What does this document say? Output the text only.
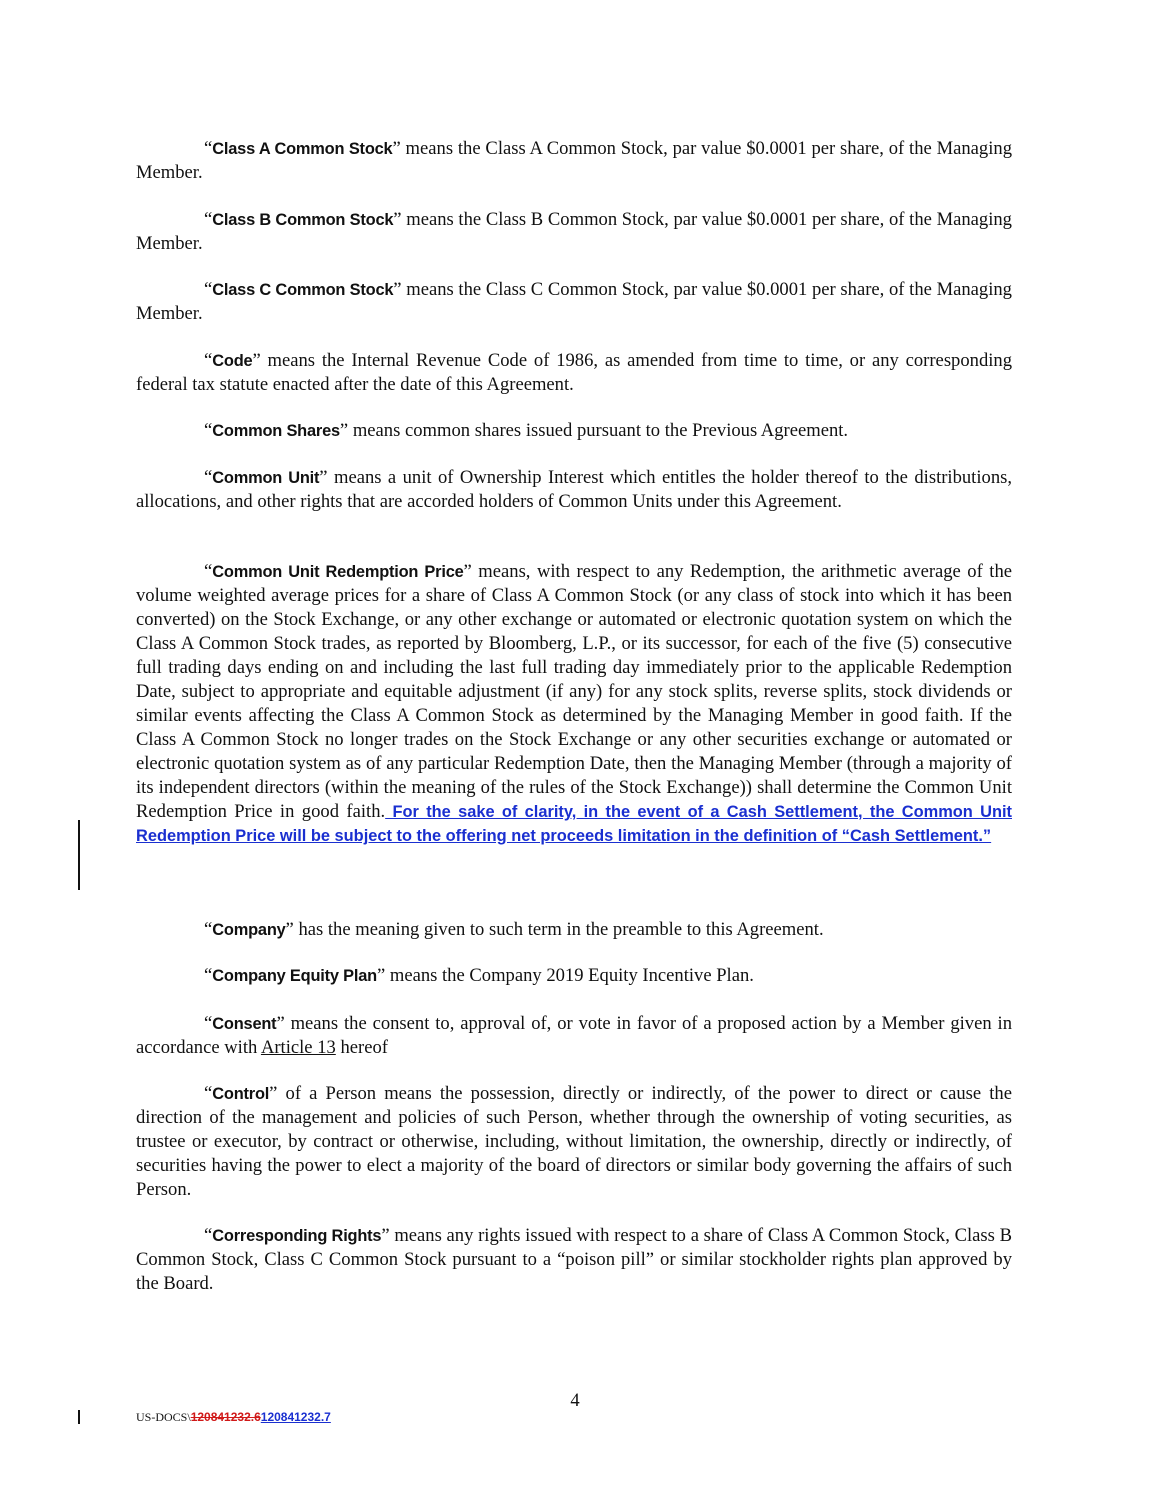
“Class A Common Stock” means the Class A Common Stock, par value $0.0001 per share, of the Managing Member.

“Class B Common Stock” means the Class B Common Stock, par value $0.0001 per share, of the Managing Member.

“Class C Common Stock” means the Class C Common Stock, par value $0.0001 per share, of the Managing Member.

“Code” means the Internal Revenue Code of 1986, as amended from time to time, or any corresponding federal tax statute enacted after the date of this Agreement.

“Common Shares” means common shares issued pursuant to the Previous Agreement.

“Common Unit” means a unit of Ownership Interest which entitles the holder thereof to the distributions, allocations, and other rights that are accorded holders of Common Units under this Agreement.

“Common Unit Redemption Price” means, with respect to any Redemption, the arithmetic average of the volume weighted average prices for a share of Class A Common Stock (or any class of stock into which it has been converted) on the Stock Exchange, or any other exchange or automated or electronic quotation system on which the Class A Common Stock trades, as reported by Bloomberg, L.P., or its successor, for each of the five (5) consecutive full trading days ending on and including the last full trading day immediately prior to the applicable Redemption Date, subject to appropriate and equitable adjustment (if any) for any stock splits, reverse splits, stock dividends or similar events affecting the Class A Common Stock as determined by the Managing Member in good faith. If the Class A Common Stock no longer trades on the Stock Exchange or any other securities exchange or automated or electronic quotation system as of any particular Redemption Date, then the Managing Member (through a majority of its independent directors (within the meaning of the rules of the Stock Exchange)) shall determine the Common Unit Redemption Price in good faith. For the sake of clarity, in the event of a Cash Settlement, the Common Unit Redemption Price will be subject to the offering net proceeds limitation in the definition of “Cash Settlement.”

“Company” has the meaning given to such term in the preamble to this Agreement.

“Company Equity Plan” means the Company 2019 Equity Incentive Plan.

“Consent” means the consent to, approval of, or vote in favor of a proposed action by a Member given in accordance with Article 13 hereof

“Control” of a Person means the possession, directly or indirectly, of the power to direct or cause the direction of the management and policies of such Person, whether through the ownership of voting securities, as trustee or executor, by contract or otherwise, including, without limitation, the ownership, directly or indirectly, of securities having the power to elect a majority of the board of directors or similar body governing the affairs of such Person.

“Corresponding Rights” means any rights issued with respect to a share of Class A Common Stock, Class B Common Stock, Class C Common Stock pursuant to a “poison pill” or similar stockholder rights plan approved by the Board.

4
US-DOCS\120841232.6120841232.7
